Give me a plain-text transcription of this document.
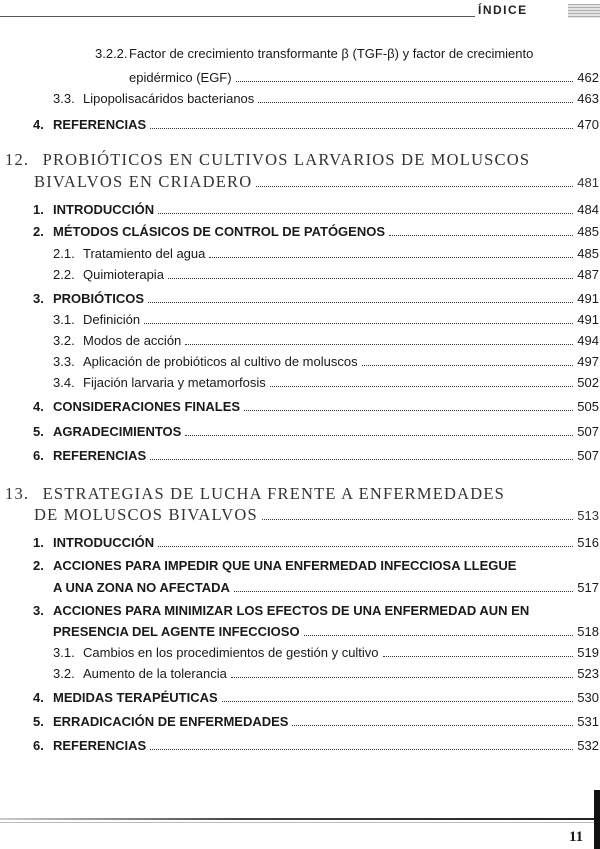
ÍNDICE
3.2.2. Factor de crecimiento transformante β (TGF-β) y factor de crecimiento
epidérmico (EGF)	462
3.3. Lipopolisacáridos bacterianos	463
4. REFERENCIAS	470
12. PROBIÓTICOS EN CULTIVOS LARVARIOS DE MOLUSCOS
BIVALVOS EN CRIADERO	481
1. INTRODUCCIÓN	484
2. MÉTODOS CLÁSICOS DE CONTROL DE PATÓGENOS	485
2.1. Tratamiento del agua	485
2.2. Quimioterapia	487
3. PROBIÓTICOS	491
3.1. Definición	491
3.2. Modos de acción	494
3.3. Aplicación de probióticos al cultivo de moluscos	497
3.4. Fijación larvaria y metamorfosis	502
4. CONSIDERACIONES FINALES	505
5. AGRADECIMIENTOS	507
6. REFERENCIAS	507
13. ESTRATEGIAS DE LUCHA FRENTE A ENFERMEDADES
DE MOLUSCOS BIVALVOS	513
1. INTRODUCCIÓN	516
2. ACCIONES PARA IMPEDIR QUE UNA ENFERMEDAD INFECCIOSA LLEGUE
A UNA ZONA NO AFECTADA	517
3. ACCIONES PARA MINIMIZAR LOS EFECTOS DE UNA ENFERMEDAD AUN EN
PRESENCIA DEL AGENTE INFECCIOSO	518
3.1. Cambios en los procedimientos de gestión y cultivo	519
3.2. Aumento de la tolerancia	523
4. MEDIDAS TERAPÉUTICAS	530
5. ERRADICACIÓN DE ENFERMEDADES	531
6. REFERENCIAS	532
11
